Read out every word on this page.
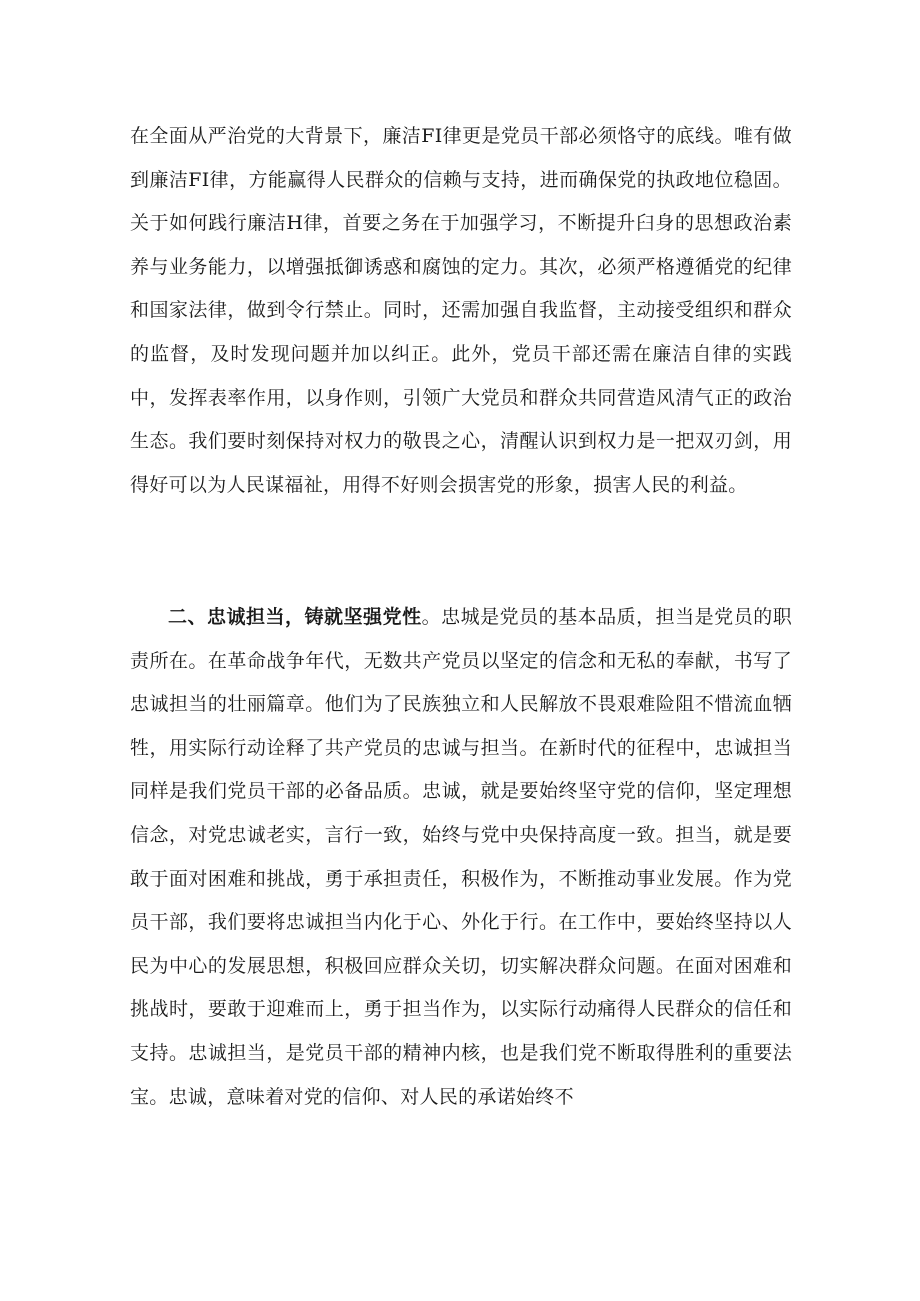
在全面从严治党的大背景下，廉洁FI律更是党员干部必须恪守的底线。唯有做到廉洁FI律，方能赢得人民群众的信赖与支持，进而确保党的执政地位稳固。关于如何践行廉洁H律，首要之务在于加强学习，不断提升臼身的思想政治素养与业务能力，以增强抵御诱惑和腐蚀的定力。其次，必须严格遵循党的纪律和国家法律，做到令行禁止。同时，还需加强自我监督，主动接受组织和群众的监督，及时发现问题并加以纠正。此外，党员干部还需在廉洁自律的实践中，发挥表率作用，以身作则，引领广大党员和群众共同营造风清气正的政治生态。我们要时刻保持对权力的敬畏之心，清醒认识到权力是一把双刃剑，用得好可以为人民谋福祉，用得不好则会损害党的形象，损害人民的利益。

二、忠诚担当，铸就坚强党性。忠城是党员的基本品质，担当是党员的职责所在。在革命战争年代，无数共产党员以坚定的信念和无私的奉献，书写了忠诚担当的壮丽篇章。他们为了民族独立和人民解放不畏艰难险阻不惜流血牺牲，用实际行动诠释了共产党员的忠诚与担当。在新时代的征程中，忠诚担当同样是我们党员干部的必备品质。忠诚，就是要始终坚守党的信仰，坚定理想信念，对党忠诚老实，言行一致，始终与党中央保持高度一致。担当，就是要敢于面对困难和挑战，勇于承担责任，积极作为，不断推动事业发展。作为党员干部，我们要将忠诚担当内化于心、外化于行。在工作中，要始终坚持以人民为中心的发展思想，积极回应群众关切，切实解决群众问题。在面对困难和挑战时，要敢于迎难而上，勇于担当作为，以实际行动痛得人民群众的信任和支持。忠诚担当，是党员干部的精神内核，也是我们党不断取得胜利的重要法宝。忠诚，意味着对党的信仰、对人民的承诺始终不
